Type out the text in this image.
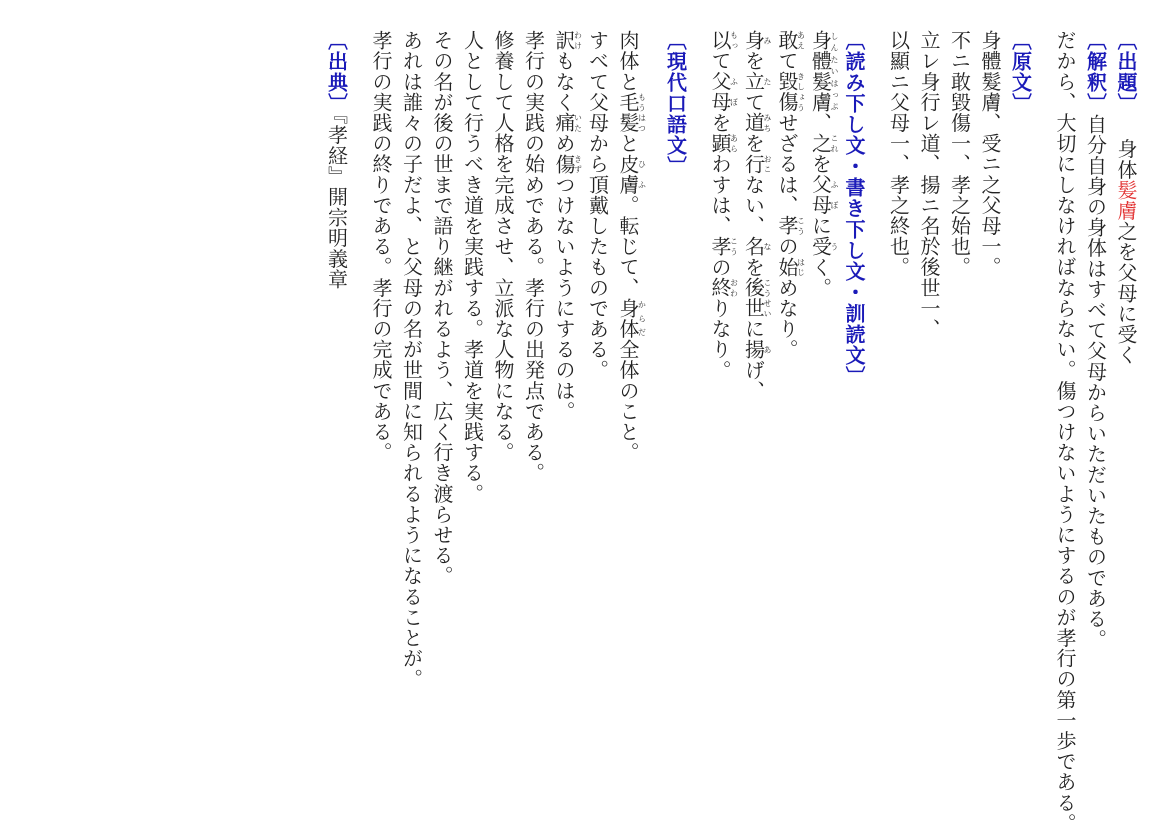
〔出題〕 身体髪膚之を父母に受く
〔解釈〕自分自身の身体はすべて父母からいただいたものである。
だから、大切にしなければならない。傷つけないようにするのが孝行の第一歩である。
〔原文〕
身體髮膚、受ニ之父母一。
不ニ敢毀傷一、孝之始也。
立レ身行レ道、揚ニ名於後世一、
以顯ニ父母一、孝之終也。
〔読み下し文・書き下し文・訓読文〕
身體髮膚しんたいはっぷ、之これを父母ふぼに受うく。
敢あえて毀傷きしょうせざるは、孝こうの始はじめなり。
身みを立たて道みちを行おこない、名なを後世こうせいに揚あげ、
以もって父母ふぼを顕あらわすは、孝こうの終おわりなり。
〔現代口語文〕
肉体と毛髪もうはつと皮膚ひふ。転じて、身体からだ全体のこと。
すべて父母から頂戴したものである。
訳わけもなく痛いため傷きずつけないようにするのは。
孝行の実践の始めである。孝行の出発点である。
修養して人格を完成させ、立派な人物になる。
人として行うべき道を実践する。孝道を実践する。
その名が後の世まで語り継がれるよう、広く行き渡らせる。
あれは誰々の子だよ、と父母の名が世間に知られるようになることが。
孝行の実践の終りである。孝行の完成である。
〔出典〕『孝経』開宗明義章
